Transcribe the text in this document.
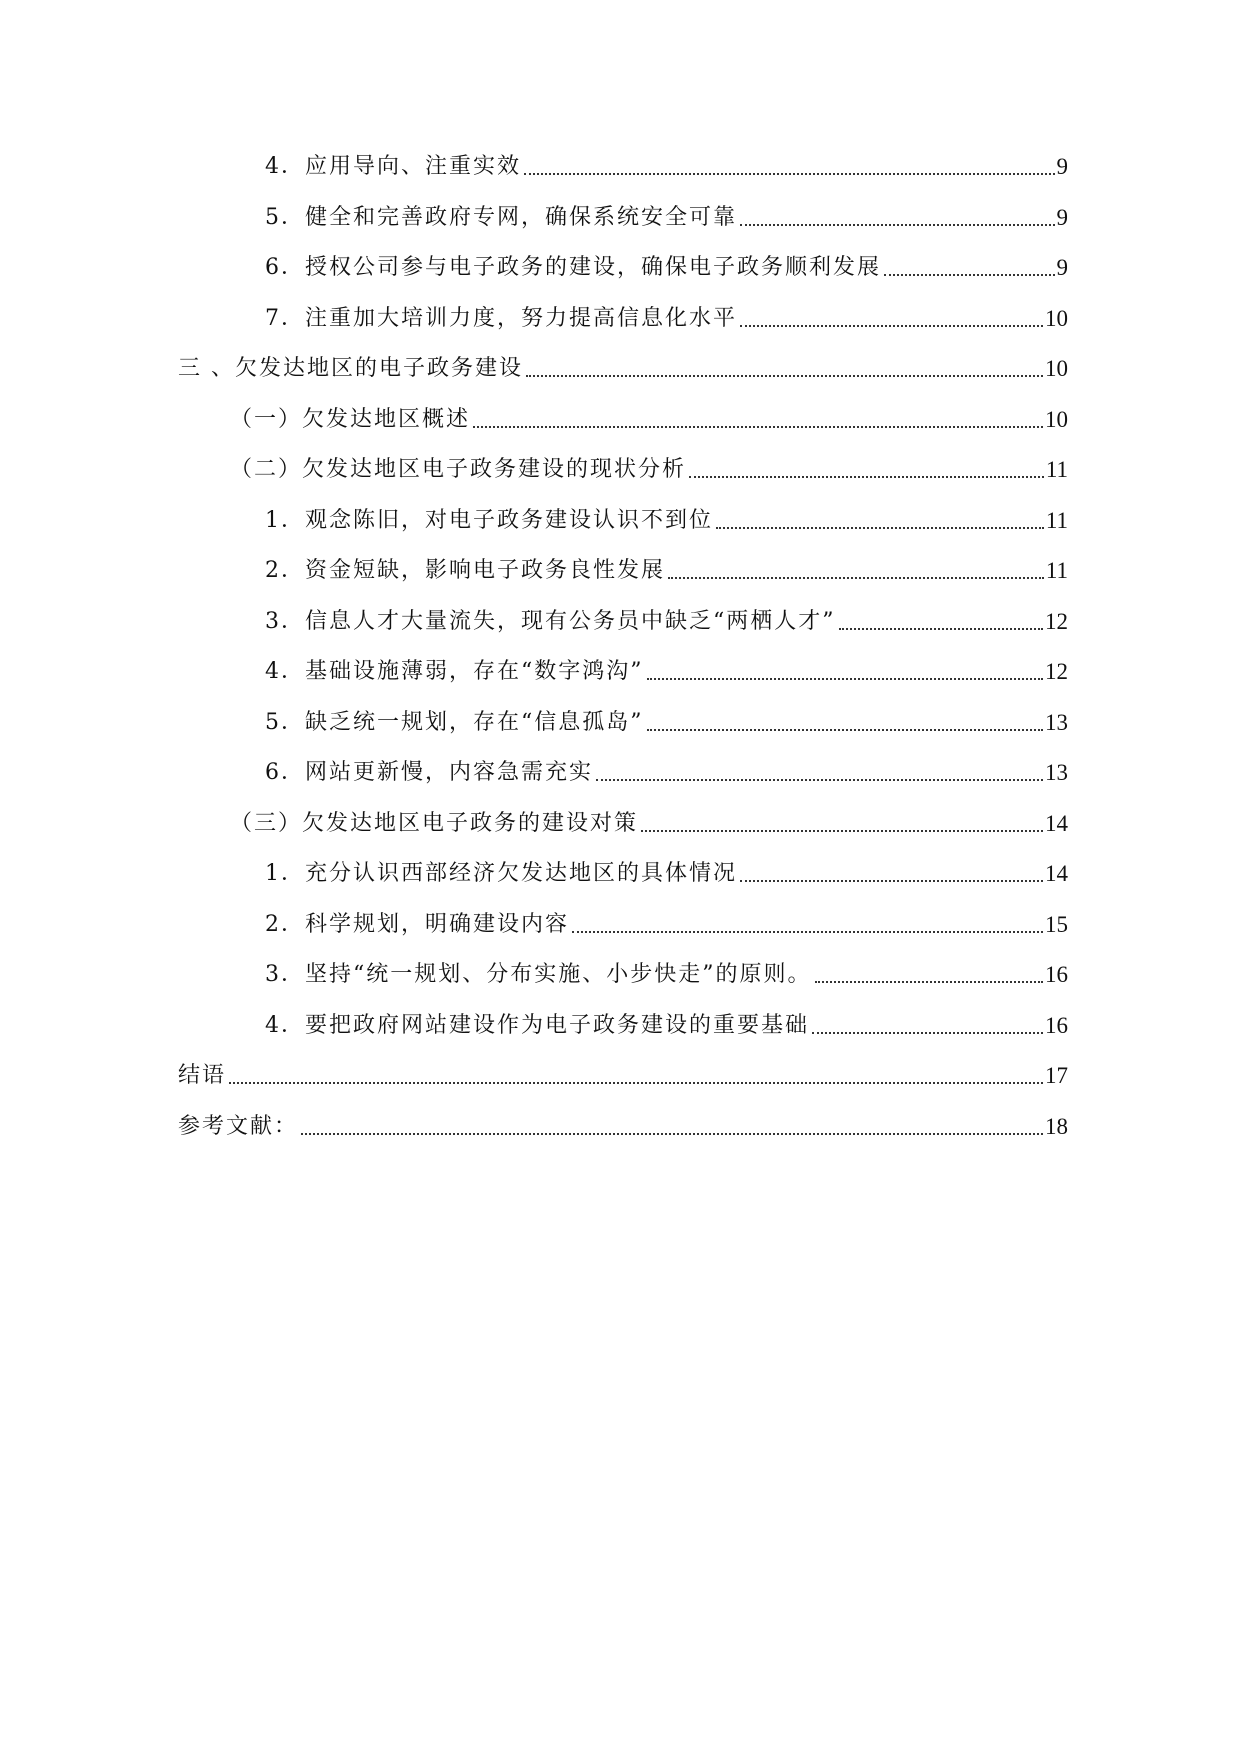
4．应用导向、注重实效	9
5．健全和完善政府专网，确保系统安全可靠	9
6．授权公司参与电子政务的建设，确保电子政务顺利发展	9
7．注重加大培训力度，努力提高信息化水平	10
三 、欠发达地区的电子政务建设	10
（一）欠发达地区概述	10
（二）欠发达地区电子政务建设的现状分析	11
1．观念陈旧，对电子政务建设认识不到位	11
2．资金短缺，影响电子政务良性发展	11
3．信息人才大量流失，现有公务员中缺乏“两栖人才”	12
4．基础设施薄弱，存在“数字鸿沟”	12
5．缺乏统一规划，存在“信息孤岛”	13
6．网站更新慢，内容急需充实	13
（三）欠发达地区电子政务的建设对策	14
1．充分认识西部经济欠发达地区的具体情况	14
2．科学规划，明确建设内容	15
3．坚持“统一规划、分布实施、小步快走”的原则。	16
4．要把政府网站建设作为电子政务建设的重要基础	16
结语	17
参考文献：	18
